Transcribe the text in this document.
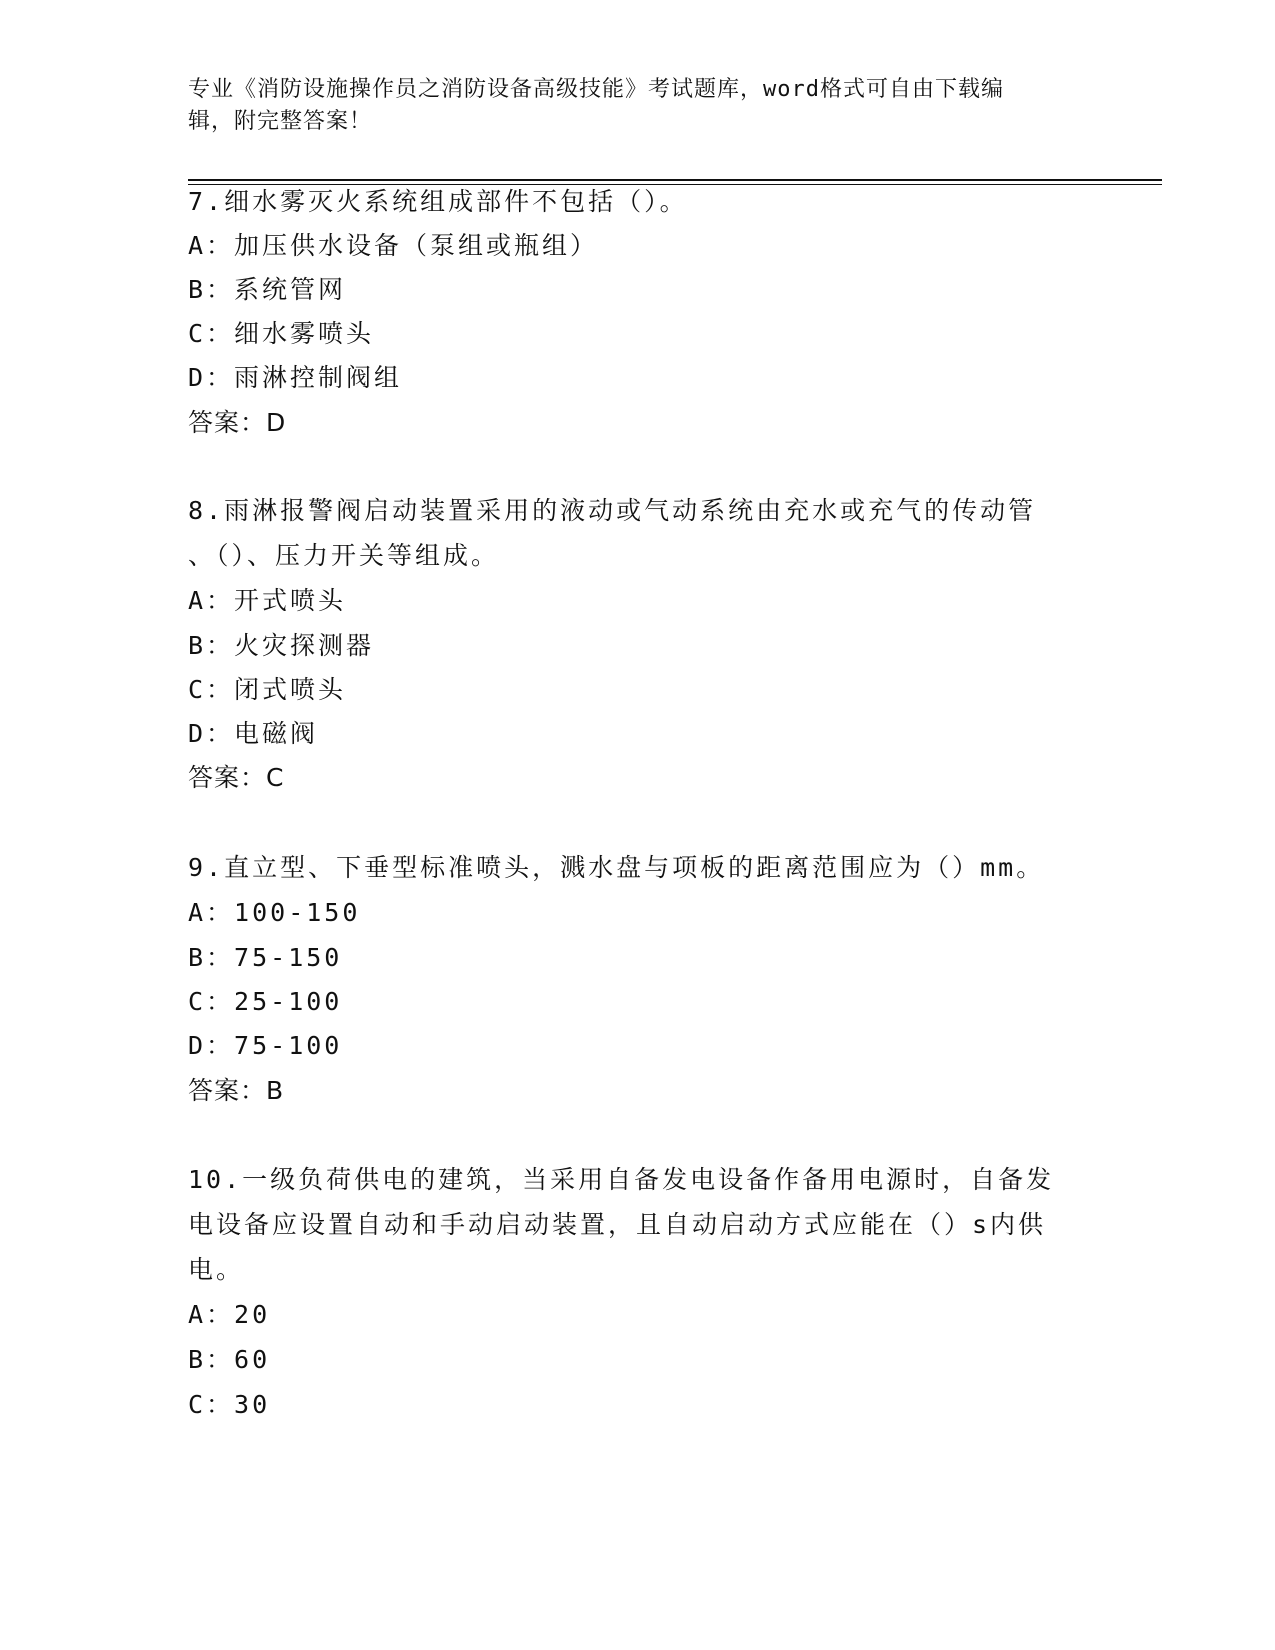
专业《消防设施操作员之消防设备高级技能》考试题库，word格式可自由下载编
辑，附完整答案！
7.细水雾灭火系统组成部件不包括（）。
A：加压供水设备（泵组或瓶组）
B：系统管网
C：细水雾喷头
D：雨淋控制阀组
答案：D
8.雨淋报警阀启动装置采用的液动或气动系统由充水或充气的传动管
、（）、压力开关等组成。
A：开式喷头
B：火灾探测器
C：闭式喷头
D：电磁阀
答案：C
9.直立型、下垂型标准喷头，溅水盘与项板的距离范围应为（）mm。
A：100-150
B：75-150
C：25-100
D：75-100
答案：B
10.一级负荷供电的建筑，当采用自备发电设备作备用电源时，自备发
电设备应设置自动和手动启动装置，且自动启动方式应能在（）s内供
电。
A：20
B：60
C：30
